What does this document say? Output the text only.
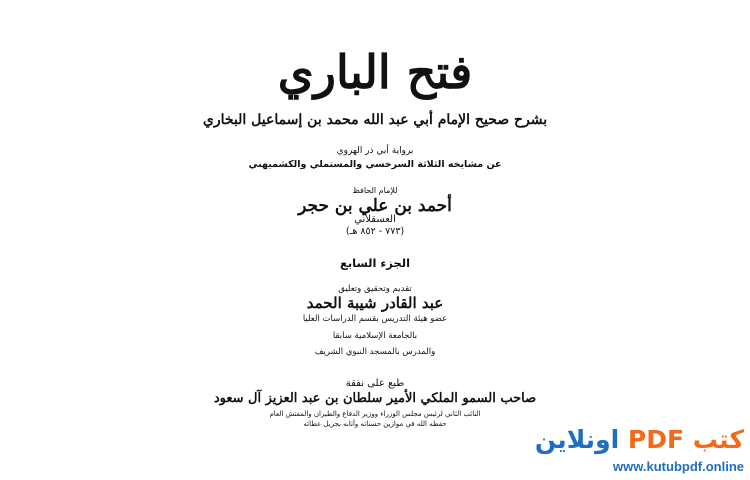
فتح الباري
بشرح صحيح الإمام أبي عبد الله محمد بن إسماعيل البخاري
برواية أبي ذر الهروي
عن مشايخه الثلاثة السرخسي والمستملي والكشميهني
للإمام الحافظ
أحمد بن علي بن حجر
العسقلاني
(٧٧٣ - ٨٥٢ هـ)
الجزء السابع
تقديم وتحقيق وتعليق
عبد القادر شيبة الحمد
عضو هيئة التدريس بقسم الدراسات العليا
بالجامعة الإسلامية سابقا
والمدرس بالمسجد النبوي الشريف
طبع على نفقة
صاحب السمو الملكي الأمير سلطان بن عبد العزيز آل سعود
النائب الثاني لرئيس مجلس الوزراء ووزير الدفاع والطيران والمفتش العام
حفظه الله في موازين حسناته وأثابه بجزيل عطائه
اونلاين PDF كتب
www.kutubpdf.online
